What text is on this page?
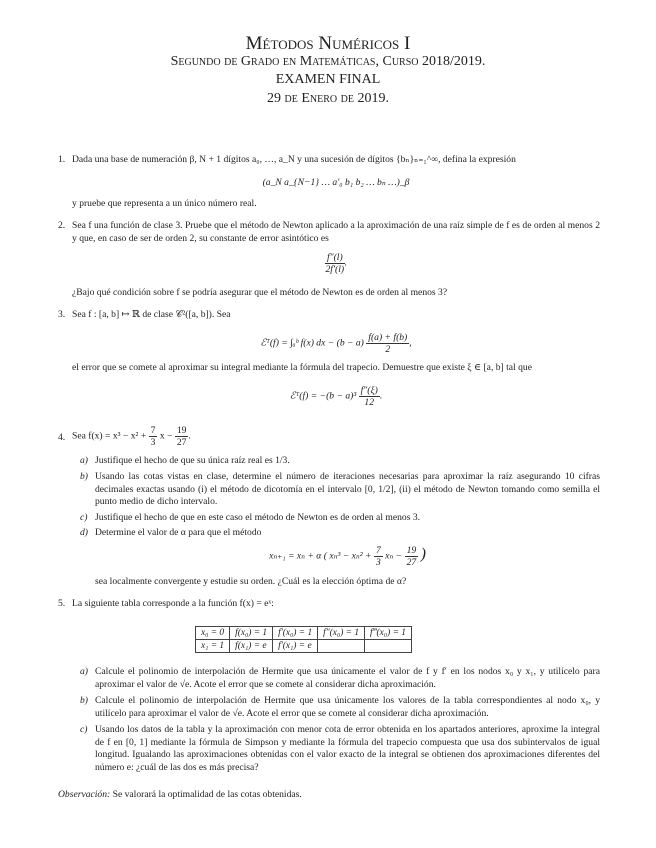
Métodos Numéricos I
Segundo de Grado en Matemáticas, Curso 2018/2019.
EXAMEN FINAL
29 de Enero de 2019.
1. Dada una base de numeración β, N + 1 dígitos a₀, …, a_N y una sucesión de dígitos {bₙ}ₙ₌₁^∞, defina la expresión
(a_N a_{N−1} … a′₀ b₁ b₂ … bₙ …)_β
y pruebe que representa a un único número real.
2. Sea f una función de clase 3. Pruebe que el método de Newton aplicado a la aproximación de una raíz simple de f es de orden al menos 2 y que, en caso de ser de orden 2, su constante de error asintótico es
$\frac{f''(l)}{2f'(l)}$ .
¿Bajo qué condición sobre f se podría asegurar que el método de Newton es de orden al menos 3?
3. Sea f : [a, b] ↦ ℝ de clase 𝒞²([a, b]). Sea
ℰᵀ(f) = ∫ₐᵇ f(x) dx − $(b - a) \frac{f(a) + f(b)}{2}$ ,
el error que se comete al aproximar su integral mediante la fórmula del trapecio. Demuestre que existe ξ ∈ [a, b] tal que
ℰᵀ(f) = $-(b - a)^3 \frac{f''(\xi)}{12}$ .
4. Sea $f(x) = x^3 - x^2 + \frac{7}{3}$ $x - \frac{19}{27}$ .
a) Justifique el hecho de que su única raíz real es 1/3.
b) Usando las cotas vistas en clase, determine el número de iteraciones necesarias para aproximar la raíz asegurando 10 cifras decimales exactas usando (i) el método de dicotomía en el intervalo [0, 1/2], (ii) el método de Newton tomando como semilla el punto medio de dicho intervalo.
c) Justifique el hecho de que en este caso el método de Newton es de orden al menos 3.
d) Determine el valor de α para que el método
xₙ₊₁ = xₙ + α ( $x_n^3 - x_n^2 + \frac{7}{3}$ $x_n - \frac{19}{27}$ )
sea localmente convergente y estudie su orden. ¿Cuál es la elección óptima de α?
5. La siguiente tabla corresponde a la función f(x) = eˣ:
x₀ = 0	f(x₀) = 1	f′(x₀) = 1	f″(x₀) = 1	f‴(x₀) = 1
x₁ = 1	f(x₁) = e	f′(x₁) = e		
a) Calcule el polinomio de interpolación de Hermite que usa únicamente el valor de f y f′ en los nodos x₀ y x₁, y utilícelo para aproximar el valor de √e. Acote el error que se comete al considerar dicha aproximación.
b) Calcule el polinomio de interpolación de Hermite que usa únicamente los valores de la tabla correspondientes al nodo x₀, y utilícelo para aproximar el valor de √e. Acote el error que se comete al considerar dicha aproximación.
c) Usando los datos de la tabla y la aproximación con menor cota de error obtenida en los apartados anteriores, aproxime la integral de f en [0, 1] mediante la fórmula de Simpson y mediante la fórmula del trapecio compuesta que usa dos subintervalos de igual longitud. Igualando las aproximaciones obtenidas con el valor exacto de la integral se obtienen dos aproximaciones diferentes del número e: ¿cuál de las dos es más precisa?
Observación: Se valorará la optimalidad de las cotas obtenidas.
